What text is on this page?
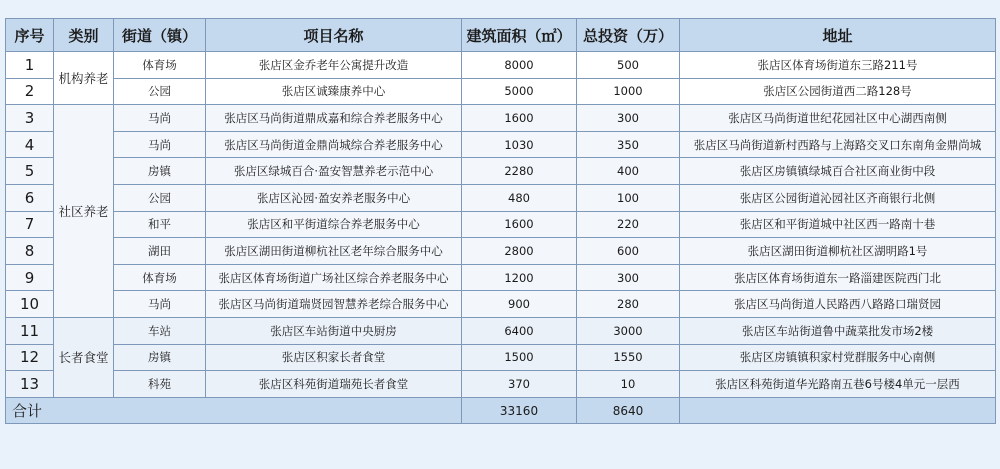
序号	类别	街道（镇）	项目名称	建筑面积（㎡）	总投资（万）	地址
1	机构养老	体育场	张店区金乔老年公寓提升改造	8000	500	张店区体育场街道东三路211号
2		公园	张店区诚臻康养中心	5000	1000	张店区公园街道西二路128号
3	社区养老	马尚	张店区马尚街道鼎成嘉和综合养老服务中心	1600	300	张店区马尚街道世纪花园社区中心湖西南侧
4		马尚	张店区马尚街道金鼎尚城综合养老服务中心	1030	350	张店区马尚街道新村西路与上海路交叉口东南角金鼎尚城
5		房镇	张店区绿城百合·盈安智慧养老示范中心	2280	400	张店区房镇镇绿城百合社区商业街中段
6		公园	张店区沁园·盈安养老服务中心	480	100	张店区公园街道沁园社区齐商银行北侧
7		和平	张店区和平街道综合养老服务中心	1600	220	张店区和平街道城中社区西一路南十巷
8		湖田	张店区湖田街道柳杭社区老年综合服务中心	2800	600	张店区湖田街道柳杭社区湖明路1号
9		体育场	张店区体育场街道广场社区综合养老服务中心	1200	300	张店区体育场街道东一路淄建医院西门北
10		马尚	张店区马尚街道瑞贤园智慧养老综合服务中心	900	280	张店区马尚街道人民路西八路路口瑞贤园
11	长者食堂	车站	张店区车站街道中央厨房	6400	3000	张店区车站街道鲁中蔬菜批发市场2楼
12		房镇	张店区积家长者食堂	1500	1550	张店区房镇镇积家村党群服务中心南侧
13		科苑	张店区科苑街道瑞苑长者食堂	370	10	张店区科苑街道华光路南五巷6号楼4单元一层西
合计				33160	8640	
